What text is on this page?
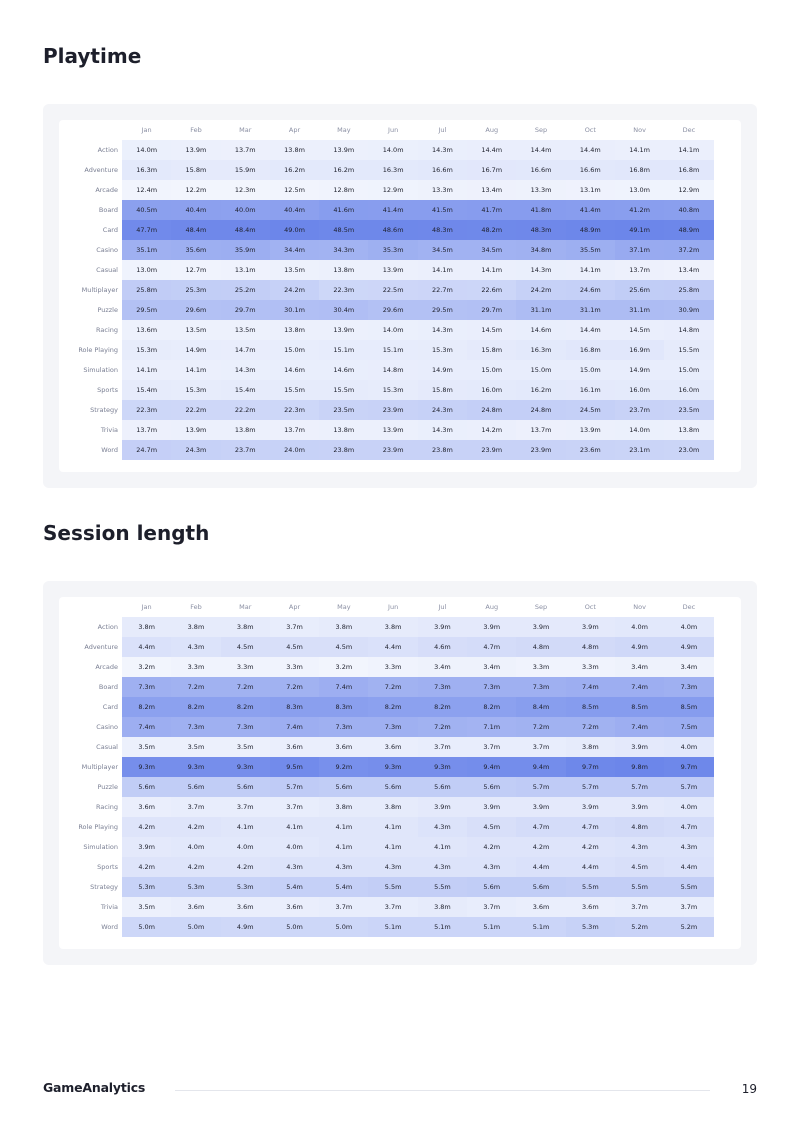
Playtime
	Jan	Feb	Mar	Apr	May	Jun	Jul	Aug	Sep	Oct	Nov	Dec
Action	14.0m	13.9m	13.7m	13.8m	13.9m	14.0m	14.3m	14.4m	14.4m	14.4m	14.1m	14.1m
Adventure	16.3m	15.8m	15.9m	16.2m	16.2m	16.3m	16.6m	16.7m	16.6m	16.6m	16.8m	16.8m
Arcade	12.4m	12.2m	12.3m	12.5m	12.8m	12.9m	13.3m	13.4m	13.3m	13.1m	13.0m	12.9m
Board	40.5m	40.4m	40.0m	40.4m	41.6m	41.4m	41.5m	41.7m	41.8m	41.4m	41.2m	40.8m
Card	47.7m	48.4m	48.4m	49.0m	48.5m	48.6m	48.3m	48.2m	48.3m	48.9m	49.1m	48.9m
Casino	35.1m	35.6m	35.9m	34.4m	34.3m	35.3m	34.5m	34.5m	34.8m	35.5m	37.1m	37.2m
Casual	13.0m	12.7m	13.1m	13.5m	13.8m	13.9m	14.1m	14.1m	14.3m	14.1m	13.7m	13.4m
Multiplayer	25.8m	25.3m	25.2m	24.2m	22.3m	22.5m	22.7m	22.6m	24.2m	24.6m	25.6m	25.8m
Puzzle	29.5m	29.6m	29.7m	30.1m	30.4m	29.6m	29.5m	29.7m	31.1m	31.1m	31.1m	30.9m
Racing	13.6m	13.5m	13.5m	13.8m	13.9m	14.0m	14.3m	14.5m	14.6m	14.4m	14.5m	14.8m
Role Playing	15.3m	14.9m	14.7m	15.0m	15.1m	15.1m	15.3m	15.8m	16.3m	16.8m	16.9m	15.5m
Simulation	14.1m	14.1m	14.3m	14.6m	14.6m	14.8m	14.9m	15.0m	15.0m	15.0m	14.9m	15.0m
Sports	15.4m	15.3m	15.4m	15.5m	15.5m	15.3m	15.8m	16.0m	16.2m	16.1m	16.0m	16.0m
Strategy	22.3m	22.2m	22.2m	22.3m	23.5m	23.9m	24.3m	24.8m	24.8m	24.5m	23.7m	23.5m
Trivia	13.7m	13.9m	13.8m	13.7m	13.8m	13.9m	14.3m	14.2m	13.7m	13.9m	14.0m	13.8m
Word	24.7m	24.3m	23.7m	24.0m	23.8m	23.9m	23.8m	23.9m	23.9m	23.6m	23.1m	23.0m
Session length
	Jan	Feb	Mar	Apr	May	Jun	Jul	Aug	Sep	Oct	Nov	Dec
Action	3.8m	3.8m	3.8m	3.7m	3.8m	3.8m	3.9m	3.9m	3.9m	3.9m	4.0m	4.0m
Adventure	4.4m	4.3m	4.5m	4.5m	4.5m	4.4m	4.6m	4.7m	4.8m	4.8m	4.9m	4.9m
Arcade	3.2m	3.3m	3.3m	3.3m	3.2m	3.3m	3.4m	3.4m	3.3m	3.3m	3.4m	3.4m
Board	7.3m	7.2m	7.2m	7.2m	7.4m	7.2m	7.3m	7.3m	7.3m	7.4m	7.4m	7.3m
Card	8.2m	8.2m	8.2m	8.3m	8.3m	8.2m	8.2m	8.2m	8.4m	8.5m	8.5m	8.5m
Casino	7.4m	7.3m	7.3m	7.4m	7.3m	7.3m	7.2m	7.1m	7.2m	7.2m	7.4m	7.5m
Casual	3.5m	3.5m	3.5m	3.6m	3.6m	3.6m	3.7m	3.7m	3.7m	3.8m	3.9m	4.0m
Multiplayer	9.3m	9.3m	9.3m	9.5m	9.2m	9.3m	9.3m	9.4m	9.4m	9.7m	9.8m	9.7m
Puzzle	5.6m	5.6m	5.6m	5.7m	5.6m	5.6m	5.6m	5.6m	5.7m	5.7m	5.7m	5.7m
Racing	3.6m	3.7m	3.7m	3.7m	3.8m	3.8m	3.9m	3.9m	3.9m	3.9m	3.9m	4.0m
Role Playing	4.2m	4.2m	4.1m	4.1m	4.1m	4.1m	4.3m	4.5m	4.7m	4.7m	4.8m	4.7m
Simulation	3.9m	4.0m	4.0m	4.0m	4.1m	4.1m	4.1m	4.2m	4.2m	4.2m	4.3m	4.3m
Sports	4.2m	4.2m	4.2m	4.3m	4.3m	4.3m	4.3m	4.3m	4.4m	4.4m	4.5m	4.4m
Strategy	5.3m	5.3m	5.3m	5.4m	5.4m	5.5m	5.5m	5.6m	5.6m	5.5m	5.5m	5.5m
Trivia	3.5m	3.6m	3.6m	3.6m	3.7m	3.7m	3.8m	3.7m	3.6m	3.6m	3.7m	3.7m
Word	5.0m	5.0m	4.9m	5.0m	5.0m	5.1m	5.1m	5.1m	5.1m	5.3m	5.2m	5.2m
GameAnalytics	19
